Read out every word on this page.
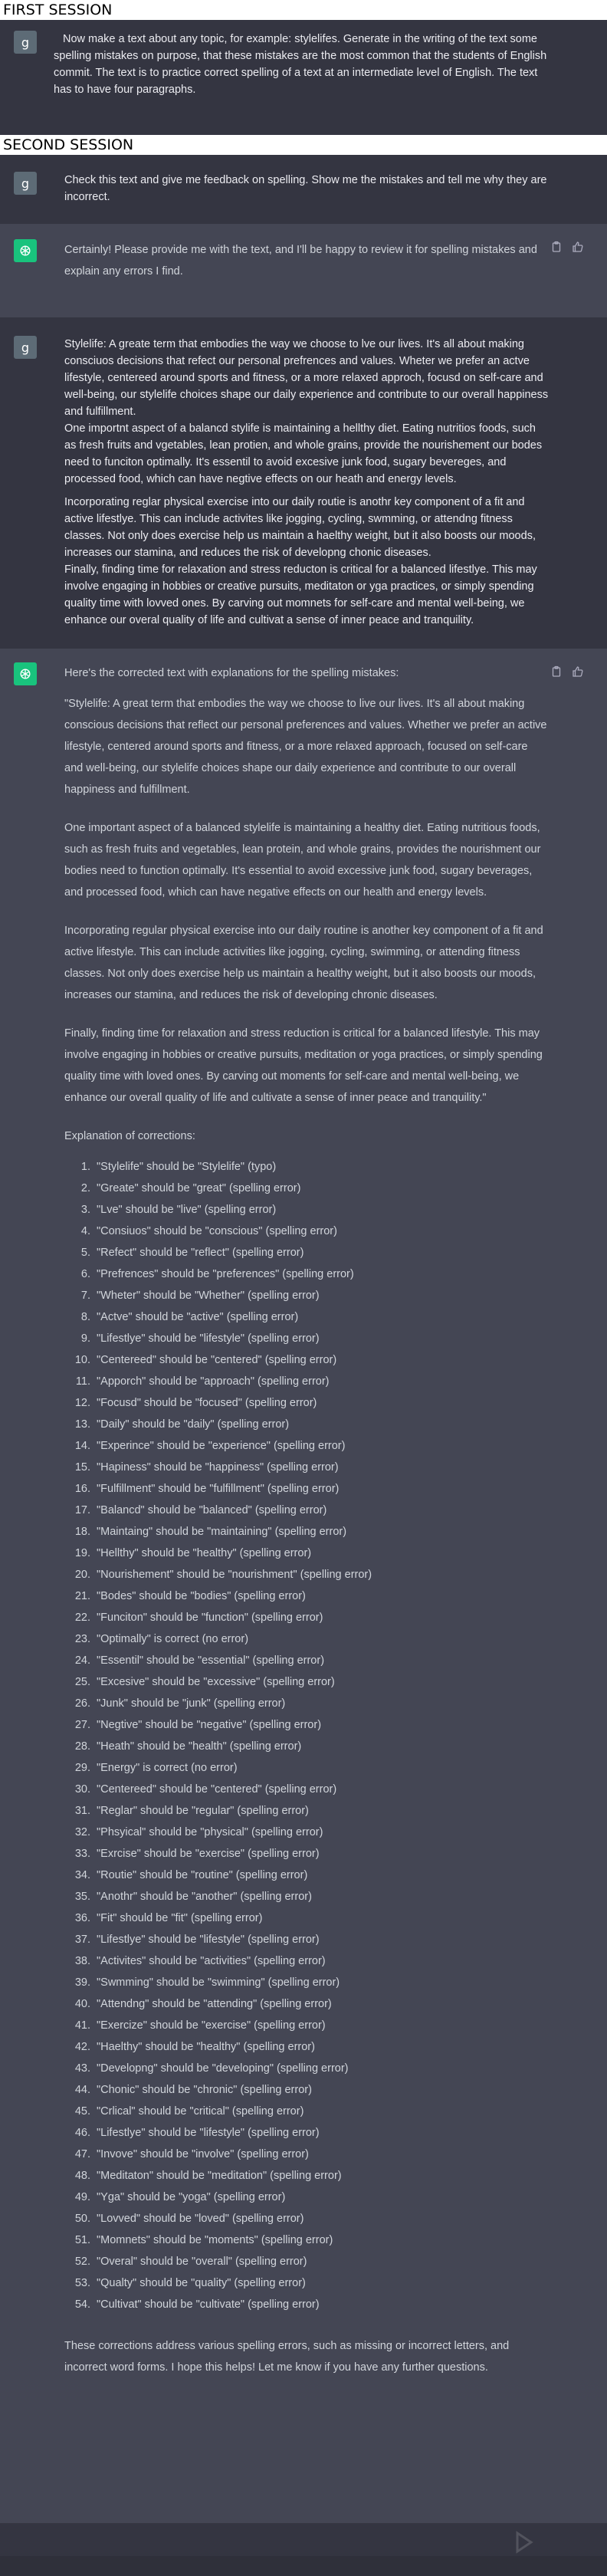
FIRST SESSION
g	Now make a text about any topic, for example: stylelifes. Generate in the writing of the text some spelling mistakes on purpose, that these mistakes are the most common that the students of English commit. The text is to practice correct spelling of a text at an intermediate level of English. The text has to have four paragraphs.

SECOND SESSION
g	Check this text and give me feedback on spelling. Show me the mistakes and tell me why they are incorrect.

Certainly! Please provide me with the text, and I'll be happy to review it for spelling mistakes and explain any errors I find.

g	Stylelife: A greate term that embodies the way we choose to lve our lives. It's all about making consciuos decisions that refect our personal prefrences and values. Wheter we prefer an actve lifestyle, centereed around sports and fitness, or a more relaxed approch, focusd on self-care and well-being, our stylelife choices shape our daily experience and contribute to our overall happiness and fulfillment.

One importnt aspect of a balancd stylife is maintaining a hellthy diet. Eating nutritios foods, such as fresh fruits and vgetables, lean protien, and whole grains, provide the nourishement our bodes need to funciton optimally. It's essentil to avoid excesive junk food, sugary bevereges, and processed food, which can have negtive effects on our heath and energy levels.

Incorporating reglar physical exercise into our daily routie is anothr key component of a fit and active lifestlye. This can include activites like jogging, cycling, swmming, or attendng fitness classes. Not only does exercise help us maintain a haelthy weight, but it also boosts our moods, increases our stamina, and reduces the risk of developng chonic diseases.

Finally, finding time for relaxation and stress reducton is critical for a balanced lifestlye. This may involve engaging in hobbies or creative pursuits, meditaton or yga practices, or simply spending quality time with lovved ones. By carving out momnets for self-care and mental well-being, we enhance our overal quality of life and cultivat a sense of inner peace and tranquility.

Here's the corrected text with explanations for the spelling mistakes:

"Stylelife: A great term that embodies the way we choose to live our lives. It's all about making conscious decisions that reflect our personal preferences and values. Whether we prefer an active lifestyle, centered around sports and fitness, or a more relaxed approach, focused on self-care and well-being, our stylelife choices shape our daily experience and contribute to our overall happiness and fulfillment.

One important aspect of a balanced stylelife is maintaining a healthy diet. Eating nutritious foods, such as fresh fruits and vegetables, lean protein, and whole grains, provides the nourishment our bodies need to function optimally. It's essential to avoid excessive junk food, sugary beverages, and processed food, which can have negative effects on our health and energy levels.

Incorporating regular physical exercise into our daily routine is another key component of a fit and active lifestyle. This can include activities like jogging, cycling, swimming, or attending fitness classes. Not only does exercise help us maintain a healthy weight, but it also boosts our moods, increases our stamina, and reduces the risk of developing chronic diseases.

Finally, finding time for relaxation and stress reduction is critical for a balanced lifestyle. This may involve engaging in hobbies or creative pursuits, meditation or yoga practices, or simply spending quality time with loved ones. By carving out moments for self-care and mental well-being, we enhance our overall quality of life and cultivate a sense of inner peace and tranquility."

Explanation of corrections:

1. "Stylelife" should be "Stylelife" (typo)
2. "Greate" should be "great" (spelling error)
3. "Lve" should be "live" (spelling error)
4. "Consiuos" should be "conscious" (spelling error)
5. "Refect" should be "reflect" (spelling error)
6. "Prefrences" should be "preferences" (spelling error)
7. "Wheter" should be "Whether" (spelling error)
8. "Actve" should be "active" (spelling error)
9. "Lifestlye" should be "lifestyle" (spelling error)
10. "Centereed" should be "centered" (spelling error)
11. "Apporch" should be "approach" (spelling error)
12. "Focusd" should be "focused" (spelling error)
13. "Daily" should be "daily" (spelling error)
14. "Experince" should be "experience" (spelling error)
15. "Hapiness" should be "happiness" (spelling error)
16. "Fulfillment" should be "fulfillment" (spelling error)
17. "Balancd" should be "balanced" (spelling error)
18. "Maintaing" should be "maintaining" (spelling error)
19. "Hellthy" should be "healthy" (spelling error)
20. "Nourishement" should be "nourishment" (spelling error)
21. "Bodes" should be "bodies" (spelling error)
22. "Funciton" should be "function" (spelling error)
23. "Optimally" is correct (no error)
24. "Essentil" should be "essential" (spelling error)
25. "Excesive" should be "excessive" (spelling error)
26. "Junk" should be "junk" (spelling error)
27. "Negtive" should be "negative" (spelling error)
28. "Heath" should be "health" (spelling error)
29. "Energy" is correct (no error)
30. "Centereed" should be "centered" (spelling error)
31. "Reglar" should be "regular" (spelling error)
32. "Phsyical" should be "physical" (spelling error)
33. "Exrcise" should be "exercise" (spelling error)
34. "Routie" should be "routine" (spelling error)
35. "Anothr" should be "another" (spelling error)
36. "Fit" should be "fit" (spelling error)
37. "Lifestlye" should be "lifestyle" (spelling error)
38. "Activites" should be "activities" (spelling error)
39. "Swmming" should be "swimming" (spelling error)
40. "Attendng" should be "attending" (spelling error)
41. "Exercize" should be "exercise" (spelling error)
42. "Haelthy" should be "healthy" (spelling error)
43. "Developng" should be "developing" (spelling error)
44. "Chonic" should be "chronic" (spelling error)
45. "Crlical" should be "critical" (spelling error)
46. "Lifestlye" should be "lifestyle" (spelling error)
47. "Invove" should be "involve" (spelling error)
48. "Meditaton" should be "meditation" (spelling error)
49. "Yga" should be "yoga" (spelling error)
50. "Lovved" should be "loved" (spelling error)
51. "Momnets" should be "moments" (spelling error)
52. "Overal" should be "overall" (spelling error)
53. "Qualty" should be "quality" (spelling error)
54. "Cultivat" should be "cultivate" (spelling error)

These corrections address various spelling errors, such as missing or incorrect letters, and incorrect word forms. I hope this helps! Let me know if you have any further questions.
